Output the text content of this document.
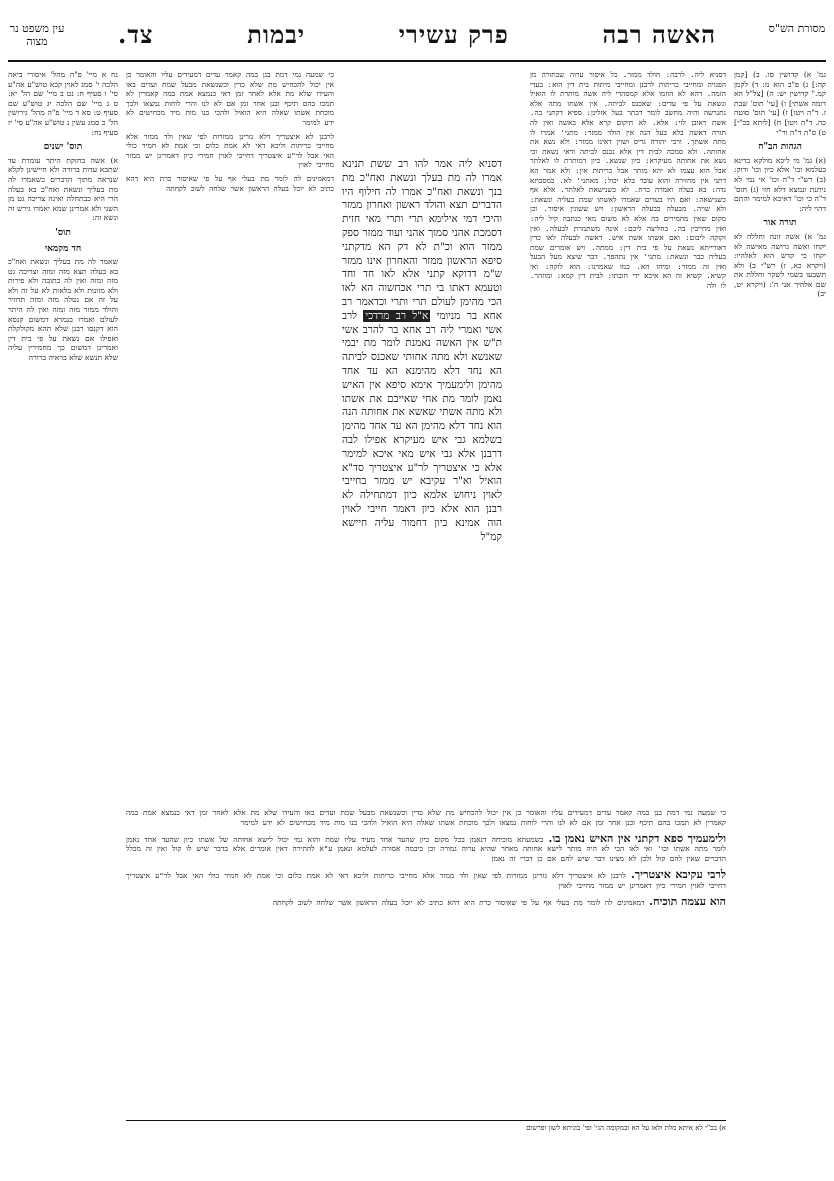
מסורת הש"ס
האשה רבה
פרק עשירי
יבמות
צד.
עין משפט נר מצוה

גמ' א) קדושין סו. ב) [קמן קה:] ג) פ"ב הוא נז: ד) לקמן קמ." קדושין יש: ה) [צל"ל הא דומה אשתי] ו) [עי' תוס' שבת ז. ד"ה ויטו] ז) [עי' תוס' סוטה כה. ד"ה ויטו] ח) [ליתא בכ"י] ט) ס"ה ד"ה ור"י

הגהות הב"ח

(א) גמ' מי ליכא מולקא כדינא בעלמא וכו' אלא כיון וכו' ודוק: (ב) רש"י ד"ה וכו' אי נמי לא ניתנת ונמצא דלא חזי (ג) תוס' ד"ה כי וכו' דאיכא למימר והתם דהוי ליה:

תורה אור

גמ' א) אשה זונה וחללה לא יקחו ואשה גרושה מאישה לא יקחו כי קדש הוא לאלהיו: (ויקרא כא, ז) רש"י ב) ולא תשבעו בשמי לשקר וחללת את שם אלהיך אני ה': (ויקרא יט, יב)

נח א מיי' פ"ה מהל' איסורי ביאה הלכה י' סמג לאוין קכא טוש"ע אה"ע סי' ו סעיף ח: נט ב מיי' שם הל' יא: ס ג מיי' שם הלכה יג טוש"ע שם סעיף ט: סא ד מיי' פ"ה מהל' גירושין הל' כ סמג עשין נ טוש"ע אה"ע סי' יז סעיף נח:

תוס' ישנים

א) אשה בחזקת היתר עומדת עד שתבא עדות ברורה ולא חיישינן לקלא שנראה מתוך הדברים כשאמרו לה מת בעליך ונשאת ואח"כ בא בעלה הרי היא כבתחלה ואינה צריכה גט מן השני ולא אמרינן שמא יאמרו גירש זה ונשא זה:

תוס'
חד מקמאי

שאמר לה מת בעליך ונשאת ואח"כ בא בעלה תצא מזה ומזה וצריכה גט מזה ומזה ואין לה כתובה ולא פירות ולא מזונות ולא בלאות לא על זה ולא על זה אם נטלה מזה ומזה תחזיר והולד ממזר מזה ומזה ואין לה היתר לעולם ואמרו בגמרא דמשום קנסא הוא דקנסו רבנן שלא תהא מקולקלת ואפילו אם נשאת על פי בית דין ואמרינן דמשום כך מחמירין עליה שלא תנשא שלא בראיה ברורה

דסניא ליה. לרבה: חולד ממזר. כל איסור ערוה שבתורה מן הפנויה ומחייבי כריתות לרבנן ומחייבי מיתות בית דין הוא: בעדי הזמה. דהא לא הוזמו אלא קמסהדי ליה אשה מותרת לו הואיל ונשאת על פי עדים: שאכנס לביתה. אין אשתו מתה אלא נתגרשה והיה מחשב לומר דבתר בעל אזלינן: ספיא דקתני בה. אשת ראובן לוי: אלא. לא תיקום קרא אלא באשה ואין לה תורה דאשה בלא בעל הנה אין הולד ממזר: מתני' אמרו לו מתה אשתך. ורבי יהודה גריס ושוין דאינו ממזר: ולא נשא את אחותה. ולא סמכה לבית דין אלא נכנס לביתה ודאי נשאת וכי נשא את אחותה מעיקרא: כיון שנשא. כיון דמותרת לו לאלתר אבל הוא עצמו לא יהא מותר אבל כריתות אין: ולא אמר הא דתני אין מחזירה והוא עובר בלא יכול: מאתני' לא. במסכתא נדה: בא בעלה ואמרה כרת. לא כשנישאת לאלתר. אלא אף כשנישאה: ואם היו בעדים שאמרו לאשתו שמת בעליה ונשאת: ולא שויה. מבעלה כבעלה הראשון: ויש ששונין איסור. וכן מקום שאין מחמירים בה אלא לא משום מאי כנתבה קיל ליה: ואין מחייבין בה. בחליצה ליבם: אינה משתמרת לבעלה. ואין זקוקה ליבום: ואם אשתו אשת איש. דאשה לבעלה לאו כדין דאורייתא נשאת על פי בית דין: ממתה. ויש אומרים שמת בעליה כבר ונשאת: מתני' אין נתהפך. דבר שיצא מעל הבעל ואין זה ממזר: ומיהו הא. כמו שאמרנו: הוא לוקה: ואי קשיא. קשיא זה הא איכא ידי חובתו: לבית דין קמא: ומוזהר. לו ולה

כי שמעה נמי דמת בנן במה קאמר עדים דמעידים עליו והאומר כן אין יכול להכחיש מת שלא כדין וכשנשאת מבעל שמת ועדים באו והעידו שלא מת אלא לאחר זמן דאי כנמצא אמת במה קאמרין לא תמכו בהם תיכף ובנן אחר זמן אם לא לנו והרי לוחות נמצאו ולכך מוכחת אשתו שאלה היא הואיל ולהכי בנו מות מיד מכחישים לא ידע למימר

לרבנן לא איצטריך דלא גזרינן ממזרות לפי שאין ולד ממזר אלא מחייבי כריתות וליכא דאי לא אמת כלום וכי אמת לא חמיר כולי האי אבל לר"ע איצטריך דחייבי לאוין חמירי כיון דאמרינן יש ממזר מחייבי לאוין

דמאמינים לה לומר מת בעלי אף על פי שאיסור כרת היא דהא כתיב לא יוכל בעלה הראשון אשר שלחה לשוב לקחתה

דסניא ליה אמר להו רב ששת תנינא אמרו לה מת בעלך ונשאת ואח"כ מת בנך ונשאת ואח"כ אמרו לה חילוף היו הדברים תצא והולד ראשון ואחרון ממזר והיכי דמי אילימא תרי ותרי מאי חזית דסמכת אהני סמוך אהני ועוד ממזר ספק ממזר הוא וכ"ת לא דק הא מדקתני סיפא הראשון ממזר והאחרון אינו ממזר ש"מ דדוקא קתני אלא לאו חד וחד וטעמא דאתו בי תרי אכחשוה הא לאו הכי מהימן לעולם תרי ותרי וכדאמר רב אחא בר מניומי א"ל רב מרדכי לרב אשי ואמרי ליה רב אחא בר להרב אשי ת"ש אין האשה נאמנת לומר מת יבמי שאנשא ולא מתה אחותי שאכנס לביתה הא נחד דלא מהימנא הא עד אחד מהימן ולימעמיך אימא סיפא אין האיש נאמן לומר מת אחי שאייבם את אשתו ולא מתה אשתי שאשא את אחותה הנה הוא נחד דלא מהימן הא עד אחד מהימן בשלמא גבי איש מעיקרא אפילו לבה דרבנן אלא גבי איש מאי איכא למימר אלא כי איצטריך לר"ע איצטריך סד"א הואיל וא"ר עקיבא יש ממזר בחייבי לאוין ניחוש אלמא כיון דמתחילה לא רבנן הוא אלא כיון דאמר חייבי לאוין הוה אמינא כיון דחמור עליה חיישא קמ"ל

כי שמעה נמי דמת בנן במה קאמר עדים דמעידים עליו והאומר כן אין יכול להכחיש מת שלא כדין וכשנשאת מבעל שמת ועדים באו והעידו שלא מת אלא לאחר זמן דאי כנמצא אמת במה קאמרין לא תמכו בהם תיכף ובנן אחר זמן אם לא לנו והרי לוחות נמצאו ולכך מוכחת אשתו שאלה היא הואיל ולהכי בנו מות מיד מכחישים לא ידע למימר

ולימעמיך ספא דקתני אין האיש נאמן בו. בשמעתא מוכיחה דנאמן בכל מקום כיון שהעד אחד מעיד עליו שמת והוא נמי יכול לישא אחותה של אשתו כיון שהעד אחד נאמן לומר מתה אשתו וכו' ואי לאו הכי לא היה מותר לישא אחותה מאחר שהיא ערוה גמורה וכן ביבמה אסורה לעלמא ונאמן ע"א להתירה דאין אומרים אלא בדבר שיש לו קול ואין זה מכלל הדברים שאין להם קול ולכן לא מצינו דבר שיש להם אם כן דברי זה נאמן

לרבי עקיבא איצטריך. לרבנן לא איצטריך דלא גזרינן ממזרות לפי שאין ולד ממזר אלא מחייבי כריתות וליכא דאי לא אמת כלום וכי אמת לא חמיר כולי האי אבל לר"ע איצטריך דחייבי לאוין חמירי כיון דאמרינן יש ממזר מחייבי לאוין

הוא עצמה תוכיח. דמאמינים לה לומר מת בעלי אף על פי שאיסור כרת היא דהא כתיב לא יוכל בעלה הראשון אשר שלחה לשוב לקחתה

א) בכ"י לא איתא מלת ולאו על הא ובמקומה הגי' ופי' בוניתא לשון ופרשום
